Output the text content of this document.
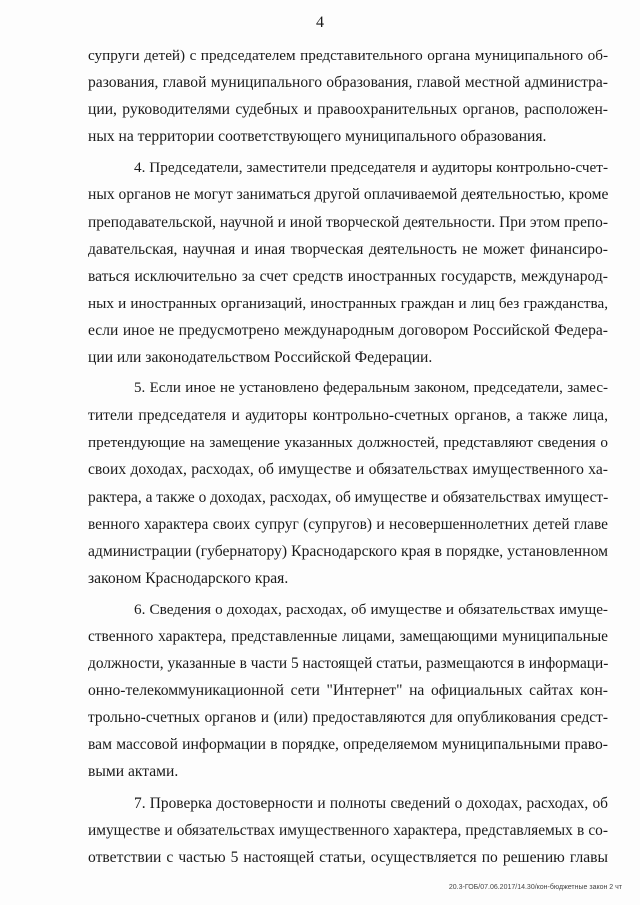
4
супруги детей) с председателем представительного органа муниципального об-
разования, главой муниципального образования, главой местной администра-
ции, руководителями судебных и правоохранительных органов, расположен-
ных на территории соответствующего муниципального образования.
4. Председатели, заместители председателя и аудиторы контрольно-счет-
ных органов не могут заниматься другой оплачиваемой деятельностью, кроме
преподавательской, научной и иной творческой деятельности. При этом препо-
давательская, научная и иная творческая деятельность не может финансиро-
ваться исключительно за счет средств иностранных государств, международ-
ных и иностранных организаций, иностранных граждан и лиц без гражданства,
если иное не предусмотрено международным договором Российской Федера-
ции или законодательством Российской Федерации.
5. Если иное не установлено федеральным законом, председатели, замес-
тители председателя и аудиторы контрольно-счетных органов, а также лица,
претендующие на замещение указанных должностей, представляют сведения о
своих доходах, расходах, об имуществе и обязательствах имущественного ха-
рактера, а также о доходах, расходах, об имуществе и обязательствах имущест-
венного характера своих супруг (супругов) и несовершеннолетних детей главе
администрации (губернатору) Краснодарского края в порядке, установленном
законом Краснодарского края.
6. Сведения о доходах, расходах, об имуществе и обязательствах имуще-
ственного характера, представленные лицами, замещающими муниципальные
должности, указанные в части 5 настоящей статьи, размещаются в информаци-
онно-телекоммуникационной сети "Интернет" на официальных сайтах кон-
трольно-счетных органов и (или) предоставляются для опубликования средст-
вам массовой информации в порядке, определяемом муниципальными право-
выми актами.
7. Проверка достоверности и полноты сведений о доходах, расходах, об
имуществе и обязательствах имущественного характера, представляемых в со-
ответствии с частью 5 настоящей статьи, осуществляется по решению главы
20.3-ГОБ/07.06.2017/14.30/кон-бюджетные закон 2 чт
